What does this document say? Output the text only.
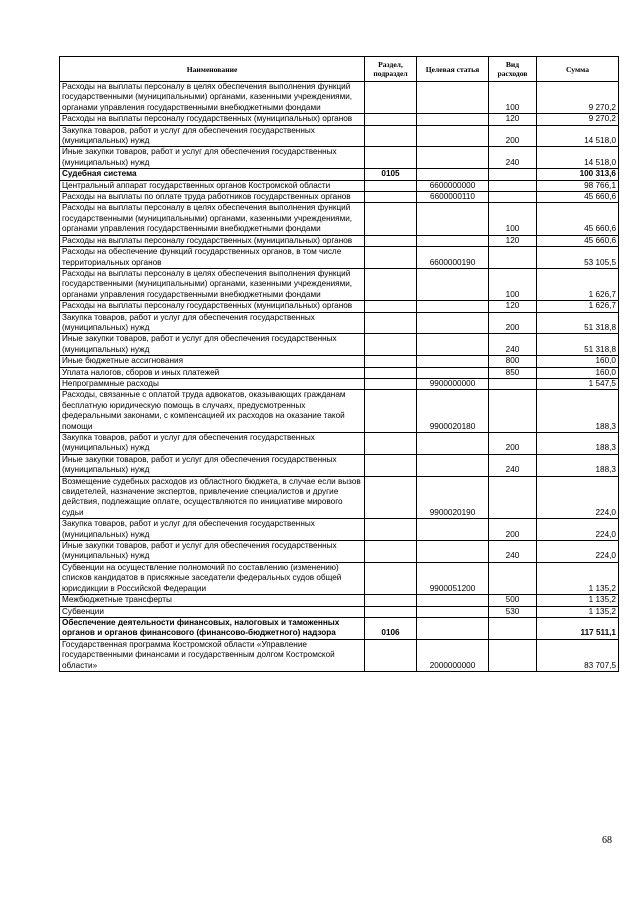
Наименование	Раздел, подраздел	Целевая статья	Вид расходов	Сумма
Расходы на выплаты персоналу в целях обеспечения выполнения функций государственными (муниципальными) органами, казенными учреждениями, органами управления государственными внебюджетными фондами			100	9 270,2
Расходы на выплаты персоналу государственных (муниципальных) органов			120	9 270,2
Закупка товаров, работ и услуг для обеспечения государственных (муниципальных) нужд			200	14 518,0
Иные закупки товаров, работ и услуг для обеспечения государственных (муниципальных) нужд			240	14 518,0
Судебная система	0105			100 313,6
Центральный аппарат государственных органов Костромской области		6600000000		98 766,1
Расходы на выплаты по оплате труда работников государственных органов		6600000110		45 660,6
Расходы на выплаты персоналу в целях обеспечения выполнения функций государственными (муниципальными) органами, казенными учреждениями, органами управления государственными внебюджетными фондами			100	45 660,6
Расходы на выплаты персоналу государственных (муниципальных) органов			120	45 660,6
Расходы на обеспечение функций государственных органов, в том числе территориальных органов		6600000190		53 105,5
Расходы на выплаты персоналу в целях обеспечения выполнения функций государственными (муниципальными) органами, казенными учреждениями, органами управления государственными внебюджетными фондами			100	1 626,7
Расходы на выплаты персоналу государственных (муниципальных) органов			120	1 626,7
Закупка товаров, работ и услуг для обеспечения государственных (муниципальных) нужд			200	51 318,8
Иные закупки товаров, работ и услуг для обеспечения государственных (муниципальных) нужд			240	51 318,8
Иные бюджетные ассигнования			800	160,0
Уплата налогов, сборов и иных платежей			850	160,0
Непрограммные расходы		9900000000		1 547,5
Расходы, связанные с оплатой труда адвокатов, оказывающих гражданам бесплатную юридическую помощь в случаях, предусмотренных федеральными законами, с компенсацией их расходов на оказание такой помощи		9900020180		188,3
Закупка товаров, работ и услуг для обеспечения государственных (муниципальных) нужд			200	188,3
Иные закупки товаров, работ и услуг для обеспечения государственных (муниципальных) нужд			240	188,3
Возмещение судебных расходов из областного бюджета, в случае если вызов свидетелей, назначение экспертов, привлечение специалистов и другие действия, подлежащие оплате, осуществляются по инициативе мирового судьи		9900020190		224,0
Закупка товаров, работ и услуг для обеспечения государственных (муниципальных) нужд			200	224,0
Иные закупки товаров, работ и услуг для обеспечения государственных (муниципальных) нужд			240	224,0
Субвенции на осуществление полномочий по составлению (изменению) списков кандидатов в присяжные заседатели федеральных судов общей юрисдикции в Российской Федерации		9900051200		1 135,2
Межбюджетные трансферты			500	1 135,2
Субвенции			530	1 135,2
Обеспечение деятельности финансовых, налоговых и таможенных органов и органов финансового (финансово-бюджетного) надзора	0106			117 511,1
Государственная программа Костромской области «Управление государственными финансами и государственным долгом Костромской области»		2000000000		83 707,5
68
